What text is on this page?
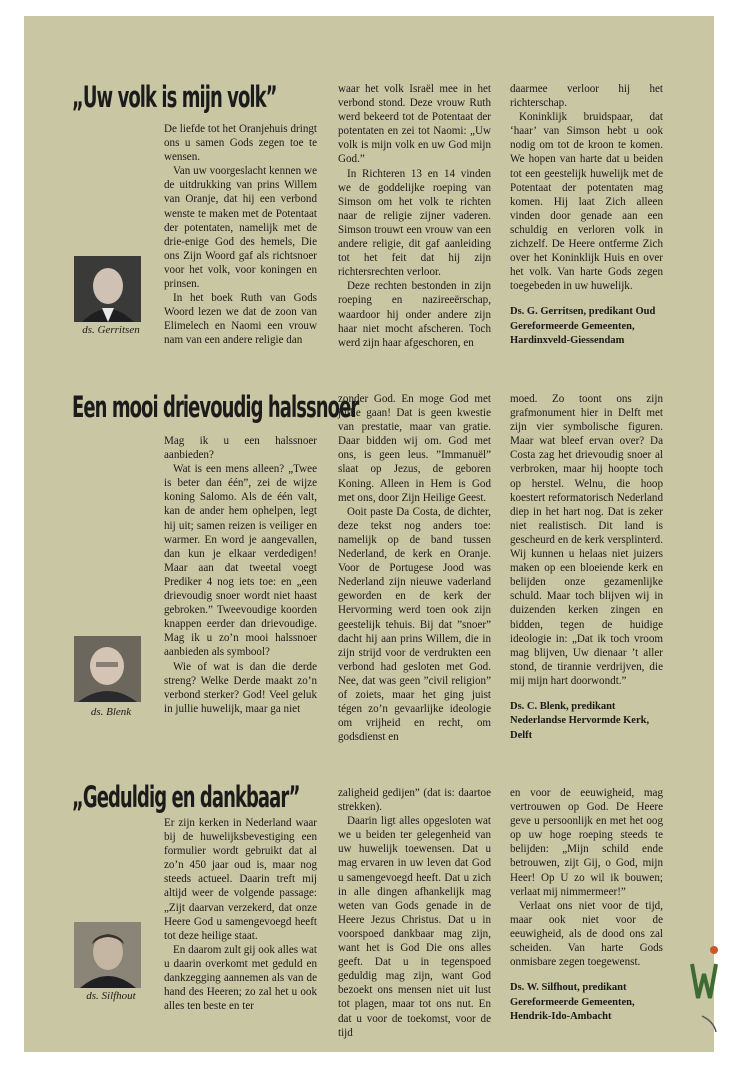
„Uw volk is mijn volk”
ds. Gerritsen

De liefde tot het Oranjehuis dringt ons u samen Gods zegen toe te wensen.

Van uw voorgeslacht kennen we de uitdrukking van prins Willem van Oranje, dat hij een verbond wenste te maken met de Potentaat der potentaten, namelijk met de drie-enige God des hemels, Die ons Zijn Woord gaf als richtsnoer voor het volk, voor koningen en prinsen.

In het boek Ruth van Gods Woord lezen we dat de zoon van Elimelech en Naomi een vrouw nam van een andere religie dan

waar het volk Israël mee in het verbond stond. Deze vrouw Ruth werd bekeerd tot de Potentaat der potentaten en zei tot Naomi: „Uw volk is mijn volk en uw God mijn God.”

In Richteren 13 en 14 vinden we de goddelijke roeping van Simson om het volk te richten naar de religie zijner vaderen. Simson trouwt een vrouw van een andere religie, dit gaf aanleiding tot het feit dat hij zijn richtersrechten verloor.

Deze rechten bestonden in zijn roeping en nazireeërschap, waardoor hij onder andere zijn haar niet mocht afscheren. Toch werd zijn haar afgeschoren, en

daarmee verloor hij het richterschap.

Koninklijk bruidspaar, dat ‘haar’ van Simson hebt u ook nodig om tot de kroon te komen. We hopen van harte dat u beiden tot een geestelijk huwelijk met de Potentaat der potentaten mag komen. Hij laat Zich alleen vinden door genade aan een schuldig en verloren volk in zichzelf. De Heere ontferme Zich over het Koninklijk Huis en over het volk. Van harte Gods zegen toegebeden in uw huwelijk.

Ds. G. Gerritsen, predikant Oud Gereformeerde Gemeenten, Hardinxveld-Giessendam

Een mooi drievoudig halssnoer
ds. Blenk

Mag ik u een halssnoer aanbieden?

Wat is een mens alleen? „Twee is beter dan één”, zei de wijze koning Salomo. Als de één valt, kan de ander hem ophelpen, legt hij uit; samen reizen is veiliger en warmer. En word je aangevallen, dan kun je elkaar verdedigen! Maar aan dat tweetal voegt Prediker 4 nog iets toe: en „een drievoudig snoer wordt niet haast gebroken.” Tweevoudige koorden knappen eerder dan drievoudige. Mag ik u zo’n mooi halssnoer aanbieden als symbool?

Wie of wat is dan die derde streng? Welke Derde maakt zo’n verbond sterker? God! Veel geluk in jullie huwelijk, maar ga niet

zonder God. En moge God met jullie gaan! Dat is geen kwestie van prestatie, maar van gratie. Daar bidden wij om. God met ons, is geen leus. ”Immanuël” slaat op Jezus, de geboren Koning. Alleen in Hem is God met ons, door Zijn Heilige Geest.

Ooit paste Da Costa, de dichter, deze tekst nog anders toe: namelijk op de band tussen Nederland, de kerk en Oranje. Voor de Portugese Jood was Nederland zijn nieuwe vaderland geworden en de kerk der Hervorming werd toen ook zijn geestelijk tehuis. Bij dat ”snoer” dacht hij aan prins Willem, die in zijn strijd voor de verdrukten een verbond had gesloten met God. Nee, dat was geen ”civil religion” of zoiets, maar het ging juist tégen zo’n gevaarlijke ideologie om vrijheid en recht, om godsdienst en

moed. Zo toont ons zijn grafmonument hier in Delft met zijn vier symbolische figuren. Maar wat bleef ervan over? Da Costa zag het drievoudig snoer al verbroken, maar hij hoopte toch op herstel. Welnu, die hoop koestert reformatorisch Nederland diep in het hart nog. Dat is zeker niet realistisch. Dit land is gescheurd en de kerk versplinterd. Wij kunnen u helaas niet juizers maken op een bloeiende kerk en belijden onze gezamenlijke schuld. Maar toch blijven wij in duizenden kerken zingen en bidden, tegen de huidige ideologie in: „Dat ik toch vroom mag blijven, Uw dienaar ’t aller stond, de tirannie verdrijven, die mij mijn hart doorwondt.”

Ds. C. Blenk, predikant Nederlandse Hervormde Kerk, Delft

„Geduldig en dankbaar”
ds. Silfhout

Er zijn kerken in Nederland waar bij de huwelijksbevestiging een formulier wordt gebruikt dat al zo’n 450 jaar oud is, maar nog steeds actueel. Daarin treft mij altijd weer de volgende passage: „Zijt daarvan verzekerd, dat onze Heere God u samengevoegd heeft tot deze heilige staat.

En daarom zult gij ook alles wat u daarin overkomt met geduld en dankzegging aannemen als van de hand des Heeren; zo zal het u ook alles ten beste en ter

zaligheid gedijen” (dat is: daartoe strekken).

Daarin ligt alles opgesloten wat we u beiden ter gelegenheid van uw huwelijk toewensen. Dat u mag ervaren in uw leven dat God u samengevoegd heeft. Dat u zich in alle dingen afhankelijk mag weten van Gods genade in de Heere Jezus Christus. Dat u in voorspoed dankbaar mag zijn, want het is God Die ons alles geeft. Dat u in tegenspoed geduldig mag zijn, want God bezoekt ons mensen niet uit lust tot plagen, maar tot ons nut. En dat u voor de toekomst, voor de tijd

en voor de eeuwigheid, mag vertrouwen op God. De Heere geve u persoonlijk en met het oog op uw hoge roeping steeds te belijden: „Mijn schild ende betrouwen, zijt Gij, o God, mijn Heer! Op U zo wil ik bouwen; verlaat mij nimmermeer!”

Verlaat ons niet voor de tijd, maar ook niet voor de eeuwigheid, als de dood ons zal scheiden. Van harte Gods onmisbare zegen toegewenst.

Ds. W. Silfhout, predikant Gereformeerde Gemeenten, Hendrik-Ido-Ambacht
